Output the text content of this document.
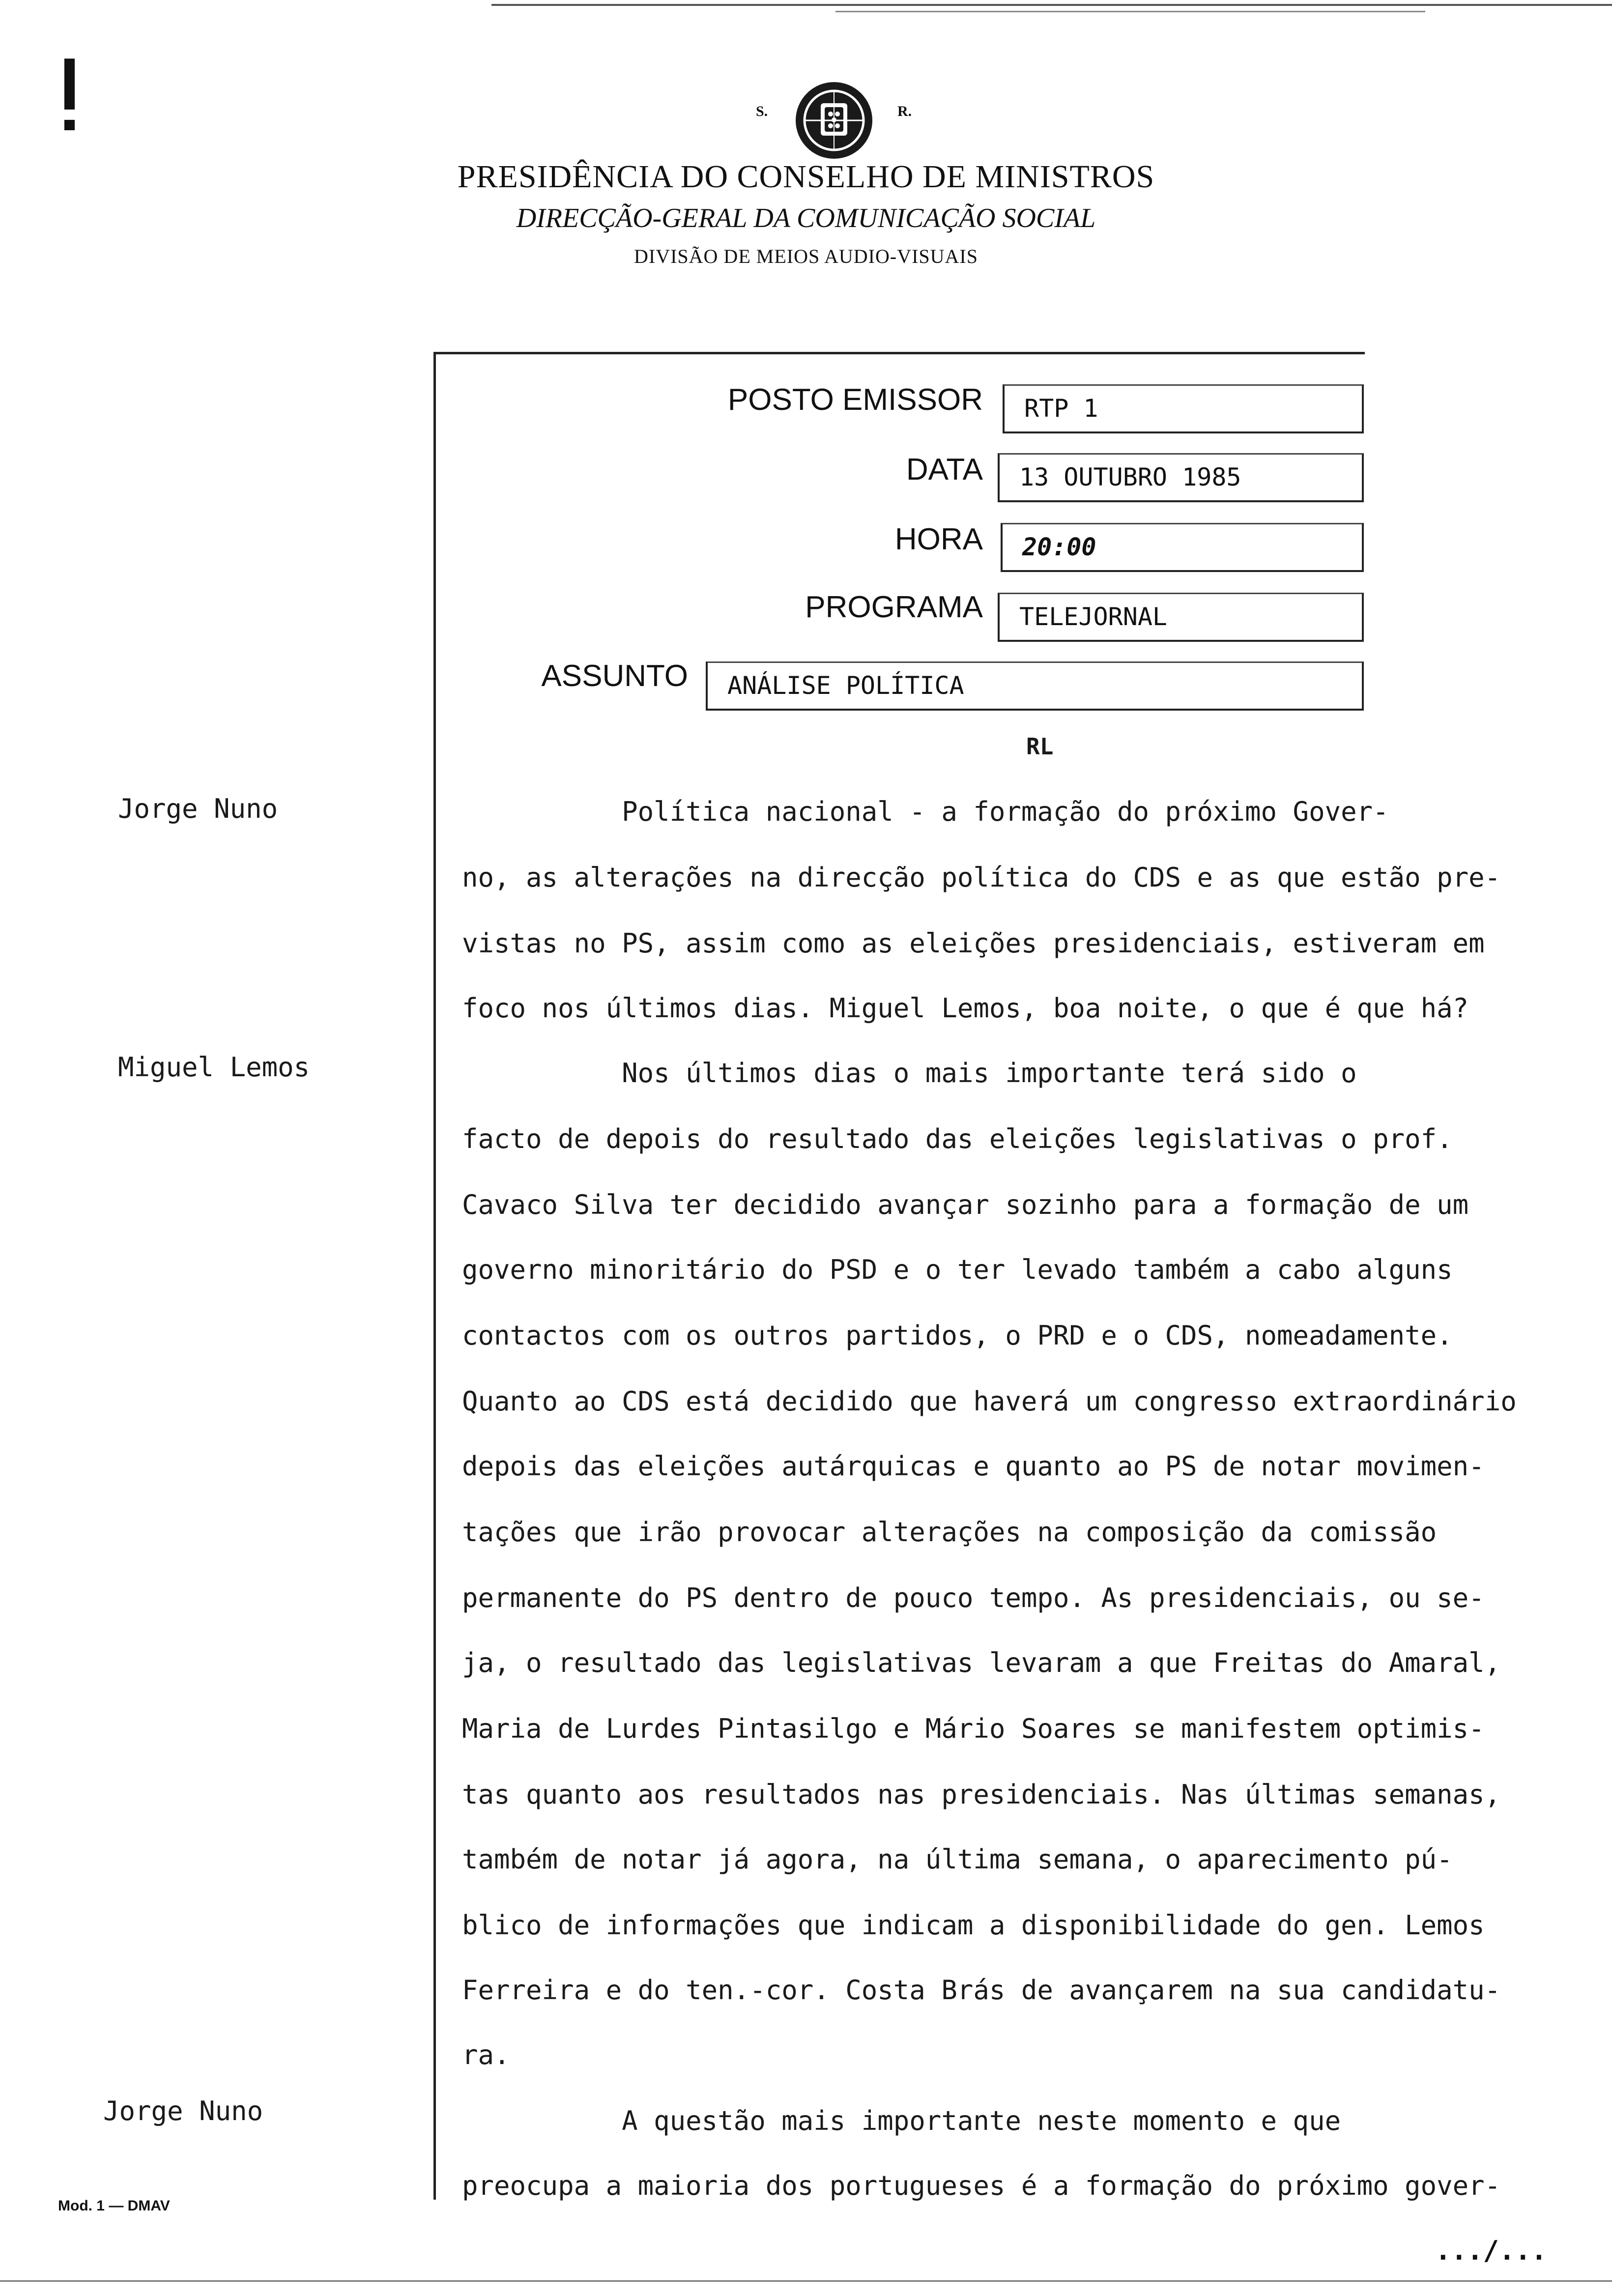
ǃ	S.	R.
PRESIDÊNCIA DO CONSELHO DE MINISTROS
DIRECÇÃO-GERAL DA COMUNICAÇÃO SOCIAL
DIVISÃO DE MEIOS AUDIO-VISUAIS
POSTO EMISSOR	RTP 1
DATA	13 OUTUBRO 1985
HORA	20:00
PROGRAMA	TELEJORNAL
ASSUNTO	ANÁLISE POLÍTICA
RL
Jorge Nuno
Miguel Lemos
Jorge Nuno
Política nacional - a formação do próximo Gover-
no, as alterações na direcção política do CDS e as que estão pre-
vistas no PS, assim como as eleições presidenciais, estiveram em
foco nos últimos dias. Miguel Lemos, boa noite, o que é que há?
Nos últimos dias o mais importante terá sido o
facto de depois do resultado das eleições legislativas o prof.
Cavaco Silva ter decidido avançar sozinho para a formação de um
governo minoritário do PSD e o ter levado também a cabo alguns
contactos com os outros partidos, o PRD e o CDS, nomeadamente.
Quanto ao CDS está decidido que haverá um congresso extraordinário
depois das eleições autárquicas e quanto ao PS de notar movimen-
tações que irão provocar alterações na composição da comissão
permanente do PS dentro de pouco tempo. As presidenciais, ou se-
ja, o resultado das legislativas levaram a que Freitas do Amaral,
Maria de Lurdes Pintasilgo e Mário Soares se manifestem optimis-
tas quanto aos resultados nas presidenciais. Nas últimas semanas,
também de notar já agora, na última semana, o aparecimento pú-
blico de informações que indicam a disponibilidade do gen. Lemos
Ferreira e do ten.-cor. Costa Brás de avançarem na sua candidatu-
ra.
A questão mais importante neste momento e que
preocupa a maioria dos portugueses é a formação do próximo gover-
Mod. 1 — DMAV
.../...
